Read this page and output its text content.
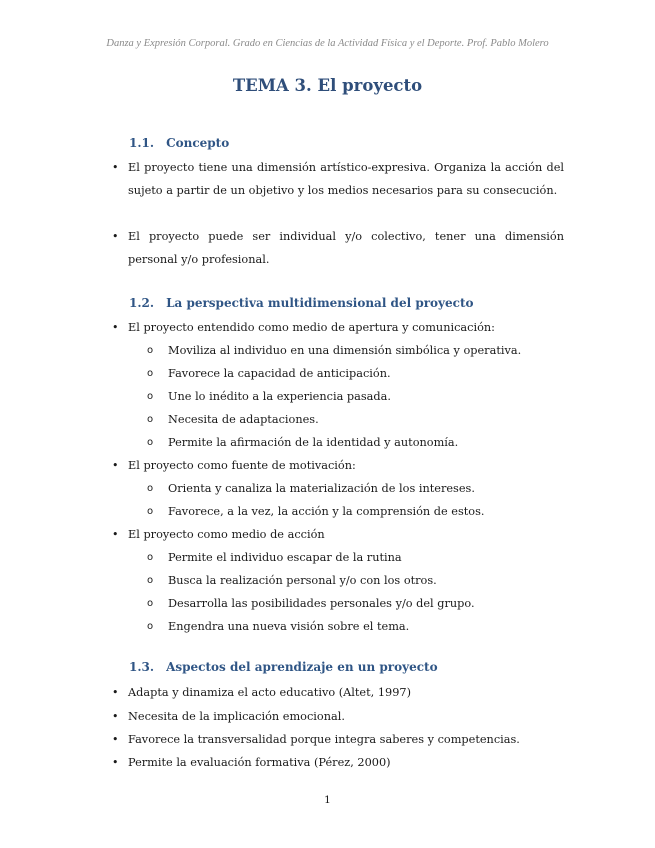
Danza y Expresión Corporal. Grado en Ciencias de la Actividad Física y el Deporte. Prof. Pablo Molero
TEMA 3. El proyecto
1.1. Concepto
• El proyecto tiene una dimensión artístico-expresiva. Organiza la acción del sujeto a partir de un objetivo y los medios necesarios para su consecución.
• El proyecto puede ser individual y/o colectivo, tener una dimensión personal y/o profesional.
1.2. La perspectiva multidimensional del proyecto
• El proyecto entendido como medio de apertura y comunicación:
o Moviliza al individuo en una dimensión simbólica y operativa.
o Favorece la capacidad de anticipación.
o Une lo inédito a la experiencia pasada.
o Necesita de adaptaciones.
o Permite la afirmación de la identidad y autonomía.
• El proyecto como fuente de motivación:
o Orienta y canaliza la materialización de los intereses.
o Favorece, a la vez, la acción y la comprensión de estos.
• El proyecto como medio de acción
o Permite el individuo escapar de la rutina
o Busca la realización personal y/o con los otros.
o Desarrolla las posibilidades personales y/o del grupo.
o Engendra una nueva visión sobre el tema.
1.3. Aspectos del aprendizaje en un proyecto
• Adapta y dinamiza el acto educativo (Altet, 1997)
• Necesita de la implicación emocional.
• Favorece la transversalidad porque integra saberes y competencias.
• Permite la evaluación formativa (Pérez, 2000)
1
